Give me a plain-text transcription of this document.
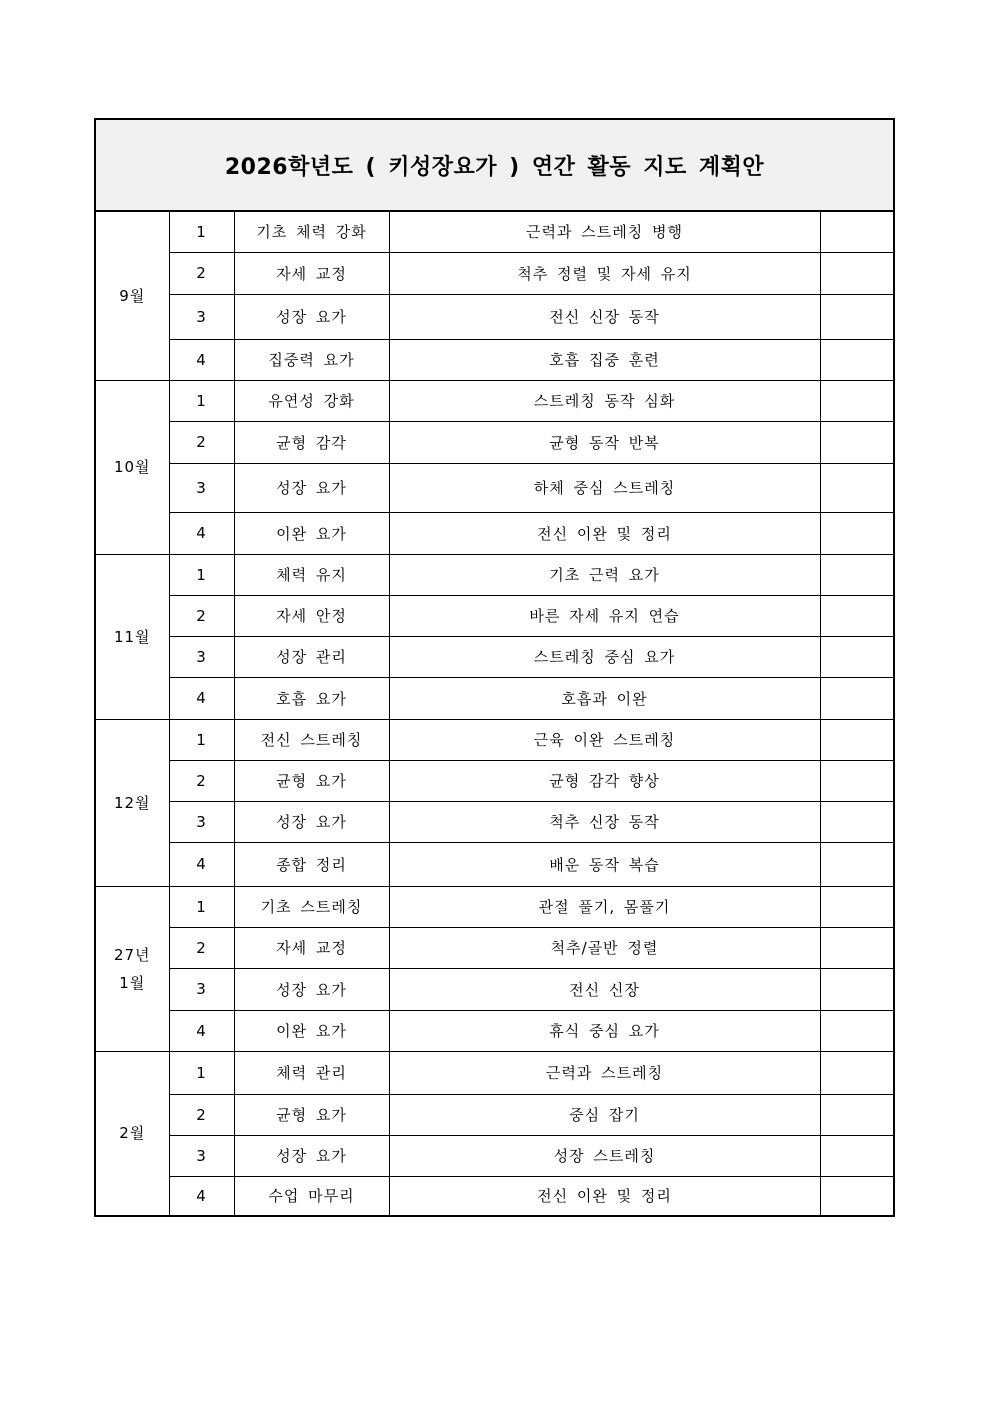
2026학년도 ( 키성장요가 ) 연간 활동 지도 계획안				
9월	1	기초 체력 강화	근력과 스트레칭 병행	
	2	자세 교정	척추 정렬 및 자세 유지	
	3	성장 요가	전신 신장 동작	
	4	집중력 요가	호흡 집중 훈련	
10월	1	유연성 강화	스트레칭 동작 심화	
	2	균형 감각	균형 동작 반복	
	3	성장 요가	하체 중심 스트레칭	
	4	이완 요가	전신 이완 및 정리	
11월	1	체력 유지	기초 근력 요가	
	2	자세 안정	바른 자세 유지 연습	
	3	성장 관리	스트레칭 중심 요가	
	4	호흡 요가	호흡과 이완	
12월	1	전신 스트레칭	근육 이완 스트레칭	
	2	균형 요가	균형 감각 향상	
	3	성장 요가	척추 신장 동작	
	4	종합 정리	배운 동작 복습	
27년
1월	1	기초 스트레칭	관절 풀기, 몸풀기	
	2	자세 교정	척추/골반 정렬	
	3	성장 요가	전신 신장	
	4	이완 요가	휴식 중심 요가	
2월	1	체력 관리	근력과 스트레칭	
	2	균형 요가	중심 잡기	
	3	성장 요가	성장 스트레칭	
	4	수업 마무리	전신 이완 및 정리	
